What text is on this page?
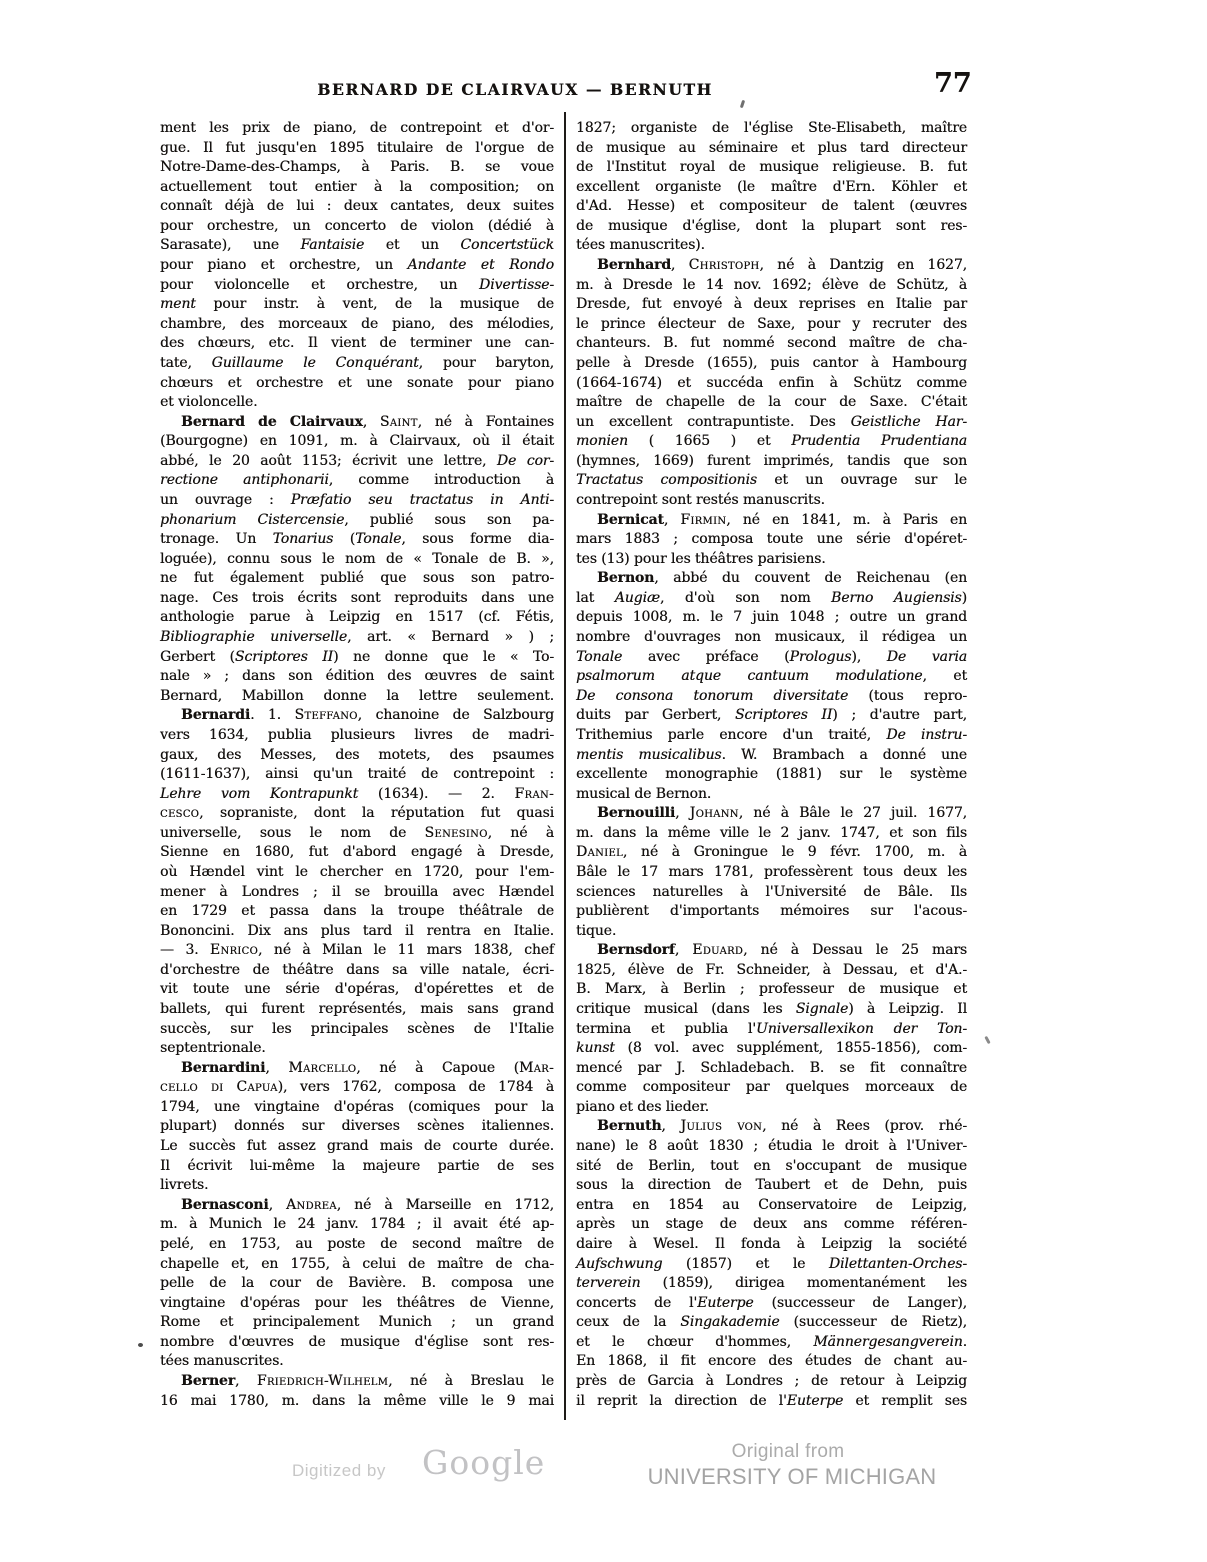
BERNARD DE CLAIRVAUX — BERNUTH	77
ment les prix de piano, de contrepoint et d'or-
gue. Il fut jusqu'en 1895 titulaire de l'orgue de
Notre-Dame-des-Champs, à Paris. B. se voue
actuellement tout entier à la composition; on
connaît déjà de lui : deux cantates, deux suites
pour orchestre, un concerto de violon (dédié à
Sarasate), une Fantaisie et un Concertstück
pour piano et orchestre, un Andante et Rondo
pour violoncelle et orchestre, un Divertisse-
ment pour instr. à vent, de la musique de
chambre, des morceaux de piano, des mélodies,
des chœurs, etc. Il vient de terminer une can-
tate, Guillaume le Conquérant, pour baryton,
chœurs et orchestre et une sonate pour piano
et violoncelle.
Bernard de Clairvaux, Saint, né à Fontaines
(Bourgogne) en 1091, m. à Clairvaux, où il était
abbé, le 20 août 1153; écrivit une lettre, De cor-
rectione antiphonarii, comme introduction à
un ouvrage : Præfatio seu tractatus in Anti-
phonarium Cistercensie, publié sous son pa-
tronage. Un Tonarius (Tonale, sous forme dia-
loguée), connu sous le nom de « Tonale de B. »,
ne fut également publié que sous son patro-
nage. Ces trois écrits sont reproduits dans une
anthologie parue à Leipzig en 1517 (cf. Fétis,
Bibliographie universelle, art. « Bernard » ) ;
Gerbert (Scriptores II) ne donne que le « To-
nale » ; dans son édition des œuvres de saint
Bernard, Mabillon donne la lettre seulement.
Bernardi. 1. Steffano, chanoine de Salzbourg
vers 1634, publia plusieurs livres de madri-
gaux, des Messes, des motets, des psaumes
(1611-1637), ainsi qu'un traité de contrepoint :
Lehre vom Kontrapunkt (1634). — 2. Fran-
cesco, sopraniste, dont la réputation fut quasi
universelle, sous le nom de Senesino, né à
Sienne en 1680, fut d'abord engagé à Dresde,
où Hændel vint le chercher en 1720, pour l'em-
mener à Londres ; il se brouilla avec Hændel
en 1729 et passa dans la troupe théâtrale de
Bononcini. Dix ans plus tard il rentra en Italie.
— 3. Enrico, né à Milan le 11 mars 1838, chef
d'orchestre de théâtre dans sa ville natale, écri-
vit toute une série d'opéras, d'opérettes et de
ballets, qui furent représentés, mais sans grand
succès, sur les principales scènes de l'Italie
septentrionale.
Bernardini, Marcello, né à Capoue (Mar-
cello di Capua), vers 1762, composa de 1784 à
1794, une vingtaine d'opéras (comiques pour la
plupart) donnés sur diverses scènes italiennes.
Le succès fut assez grand mais de courte durée.
Il écrivit lui-même la majeure partie de ses
livrets.
Bernasconi, Andrea, né à Marseille en 1712,
m. à Munich le 24 janv. 1784 ; il avait été ap-
pelé, en 1753, au poste de second maître de
chapelle et, en 1755, à celui de maître de cha-
pelle de la cour de Bavière. B. composa une
vingtaine d'opéras pour les théâtres de Vienne,
Rome et principalement Munich ; un grand
nombre d'œuvres de musique d'église sont res-
tées manuscrites.
Berner, Friedrich-Wilhelm, né à Breslau le
16 mai 1780, m. dans la même ville le 9 mai
1827; organiste de l'église Ste-Elisabeth, maître
de musique au séminaire et plus tard directeur
de l'Institut royal de musique religieuse. B. fut
excellent organiste (le maître d'Ern. Köhler et
d'Ad. Hesse) et compositeur de talent (œuvres
de musique d'église, dont la plupart sont res-
tées manuscrites).
Bernhard, Christoph, né à Dantzig en 1627,
m. à Dresde le 14 nov. 1692; élève de Schütz, à
Dresde, fut envoyé à deux reprises en Italie par
le prince électeur de Saxe, pour y recruter des
chanteurs. B. fut nommé second maître de cha-
pelle à Dresde (1655), puis cantor à Hambourg
(1664-1674) et succéda enfin à Schütz comme
maître de chapelle de la cour de Saxe. C'était
un excellent contrapuntiste. Des Geistliche Har-
monien ( 1665 ) et Prudentia Prudentiana
(hymnes, 1669) furent imprimés, tandis que son
Tractatus compositionis et un ouvrage sur le
contrepoint sont restés manuscrits.
Bernicat, Firmin, né en 1841, m. à Paris en
mars 1883 ; composa toute une série d'opéret-
tes (13) pour les théâtres parisiens.
Bernon, abbé du couvent de Reichenau (en
lat Augiæ, d'où son nom Berno Augiensis)
depuis 1008, m. le 7 juin 1048 ; outre un grand
nombre d'ouvrages non musicaux, il rédigea un
Tonale avec préface (Prologus), De varia
psalmorum atque cantuum modulatione, et
De consona tonorum diversitate (tous repro-
duits par Gerbert, Scriptores II) ; d'autre part,
Trithemius parle encore d'un traité, De instru-
mentis musicalibus. W. Brambach a donné une
excellente monographie (1881) sur le système
musical de Bernon.
Bernouilli, Johann, né à Bâle le 27 juil. 1677,
m. dans la même ville le 2 janv. 1747, et son fils
Daniel, né à Groningue le 9 févr. 1700, m. à
Bâle le 17 mars 1781, professèrent tous deux les
sciences naturelles à l'Université de Bâle. Ils
publièrent d'importants mémoires sur l'acous-
tique.
Bernsdorf, Eduard, né à Dessau le 25 mars
1825, élève de Fr. Schneider, à Dessau, et d'A.-
B. Marx, à Berlin ; professeur de musique et
critique musical (dans les Signale) à Leipzig. Il
termina et publia l'Universallexikon der Ton-
kunst (8 vol. avec supplément, 1855-1856), com-
mencé par J. Schladebach. B. se fit connaître
comme compositeur par quelques morceaux de
piano et des lieder.
Bernuth, Julius von, né à Rees (prov. rhé-
nane) le 8 août 1830 ; étudia le droit à l'Univer-
sité de Berlin, tout en s'occupant de musique
sous la direction de Taubert et de Dehn, puis
entra en 1854 au Conservatoire de Leipzig,
après un stage de deux ans comme référen-
daire à Wesel. Il fonda à Leipzig la société
Aufschwung (1857) et le Dilettanten-Orches-
terverein (1859), dirigea momentanément les
concerts de l'Euterpe (successeur de Langer),
ceux de la Singakademie (successeur de Rietz),
et le chœur d'hommes, Männergesangverein.
En 1868, il fit encore des études de chant au-
près de Garcia à Londres ; de retour à Leipzig
il reprit la direction de l'Euterpe et remplit ses
Digitized by Google	Original from
UNIVERSITY OF MICHIGAN
